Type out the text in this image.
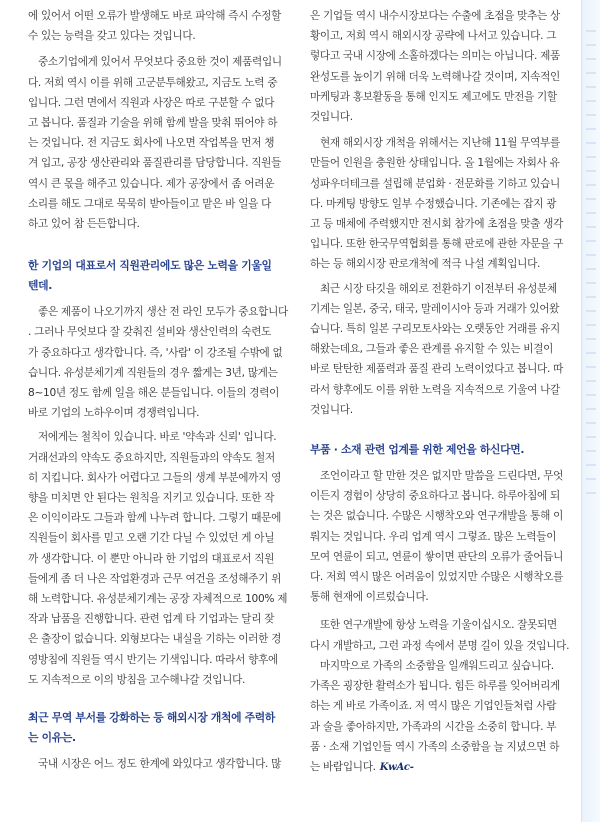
에 있어서 어떤 오류가 발생해도 바로 파악해 즉시 수정할
수 있는 능력을 갖고 있다는 것입니다.
중소기업에게 있어서 무엇보다 중요한 것이 제품력입니
다. 저희 역시 이를 위해 고군분투해왔고, 지금도 노력 중
입니다. 그런 면에서 직원과 사장은 따로 구분할 수 없다
고 봅니다. 품질과 기술을 위해 함께 발을 맞춰 뛰어야 하
는 것입니다. 전 지금도 회사에 나오면 작업복을 먼저 챙
겨 입고, 공장 생산관리와 품질관리를 담당합니다. 직원들
역시 큰 몫을 해주고 있습니다. 제가 공장에서 좀 어려운
소리를 해도 그대로 묵묵히 받아들이고 맡은 바 일을 다
하고 있어 참 든든합니다.
한 기업의 대표로서 직원관리에도 많은 노력을 기울일
텐데.
좋은 제품이 나오기까지 생산 전 라인 모두가 중요합니다
. 그러나 무엇보다 잘 갖춰진 설비와 생산인력의 숙련도
가 중요하다고 생각합니다. 즉, '사람' 이 강조될 수밖에 없
습니다. 유성분체기계 직원들의 경우 짧게는 3년, 많게는
8~10년 정도 함께 일을 해온 분들입니다. 이들의 경력이
바로 기업의 노하우이며 경쟁력입니다.
저에게는 철칙이 있습니다. 바로 '약속과 신뢰' 입니다.
거래선과의 약속도 중요하지만, 직원들과의 약속도 철저
히 지킵니다. 회사가 어렵다고 그들의 생계 부분에까지 영
향을 미치면 안 된다는 원칙을 지키고 있습니다. 또한 작
은 이익이라도 그들과 함께 나누려 합니다. 그렇기 때문에
직원들이 회사를 믿고 오랜 기간 다닐 수 있었던 게 아닐
까 생각합니다. 이 뿐만 아니라 한 기업의 대표로서 직원
들에게 좀 더 나은 작업환경과 근무 여건을 조성해주기 위
해 노력합니다. 유성분체기계는 공장 자체적으로 100% 제
작과 납품을 진행합니다. 관련 업계 타 기업과는 달리 잦
은 출장이 없습니다. 외형보다는 내실을 기하는 이러한 경
영방침에 직원들 역시 반기는 기색입니다. 따라서 향후에
도 지속적으로 이의 방침을 고수해나갈 것입니다.
최근 무역 부서를 강화하는 등 해외시장 개척에 주력하
는 이유는.
국내 시장은 어느 정도 한계에 와있다고 생각합니다. 많
은 기업들 역시 내수시장보다는 수출에 초점을 맞추는 상
황이고, 저희 역시 해외시장 공략에 나서고 있습니다. 그
렇다고 국내 시장에 소홀하겠다는 의미는 아닙니다. 제품
완성도를 높이기 위해 더욱 노력해나갈 것이며, 지속적인
마케팅과 홍보활동을 통해 인지도 제고에도 만전을 기할
것입니다.
현재 해외시장 개척을 위해서는 지난해 11월 무역부를
만들어 인원을 충원한 상태입니다. 올 1월에는 자회사 유
성파우더테크를 설립해 분업화 · 전문화를 기하고 있습니
다. 마케팅 방향도 일부 수정했습니다. 기존에는 잡지 광
고 등 매체에 주력했지만 전시회 참가에 초점을 맞출 생각
입니다. 또한 한국무역협회를 통해 판로에 관한 자문을 구
하는 등 해외시장 판로개척에 적극 나설 계획입니다.
최근 시장 타깃을 해외로 전환하기 이전부터 유성분체
기계는 일본, 중국, 태국, 말레이시아 등과 거래가 있어왔
습니다. 특히 일본 구리모토사와는 오랫동안 거래를 유지
해왔는데요, 그들과 좋은 관계를 유지할 수 있는 비결이
바로 탄탄한 제품력과 품질 관리 노력이었다고 봅니다. 따
라서 향후에도 이를 위한 노력을 지속적으로 기울여 나갈
것입니다.
부품 · 소재 관련 업계를 위한 제언을 하신다면.
조언이라고 할 만한 것은 없지만 말씀을 드린다면, 무엇
이든지 경험이 상당히 중요하다고 봅니다. 하루아침에 되
는 것은 없습니다. 수많은 시행착오와 연구개발을 통해 이
뤄지는 것입니다. 우리 업계 역시 그렇죠. 많은 노력들이
모여 연륜이 되고, 연륜이 쌓이면 판단의 오류가 줄어듭니
다. 저희 역시 많은 어려움이 있었지만 수많은 시행착오를
통해 현재에 이르렀습니다.
또한 연구개발에 항상 노력을 기울이십시오. 잘못되면
다시 개발하고, 그런 과정 속에서 분명 길이 있을 것입니다.
마지막으로 가족의 소중함을 일깨워드리고 싶습니다.
가족은 굉장한 활력소가 됩니다. 힘든 하루를 잊어버리게
하는 게 바로 가족이죠. 저 역시 많은 기업인들처럼 사람
과 술을 좋아하지만, 가족과의 시간을 소중히 합니다. 부
품 · 소재 기업인들 역시 가족의 소중함을 늘 지녔으면 하
는 바람입니다. KwAc-
